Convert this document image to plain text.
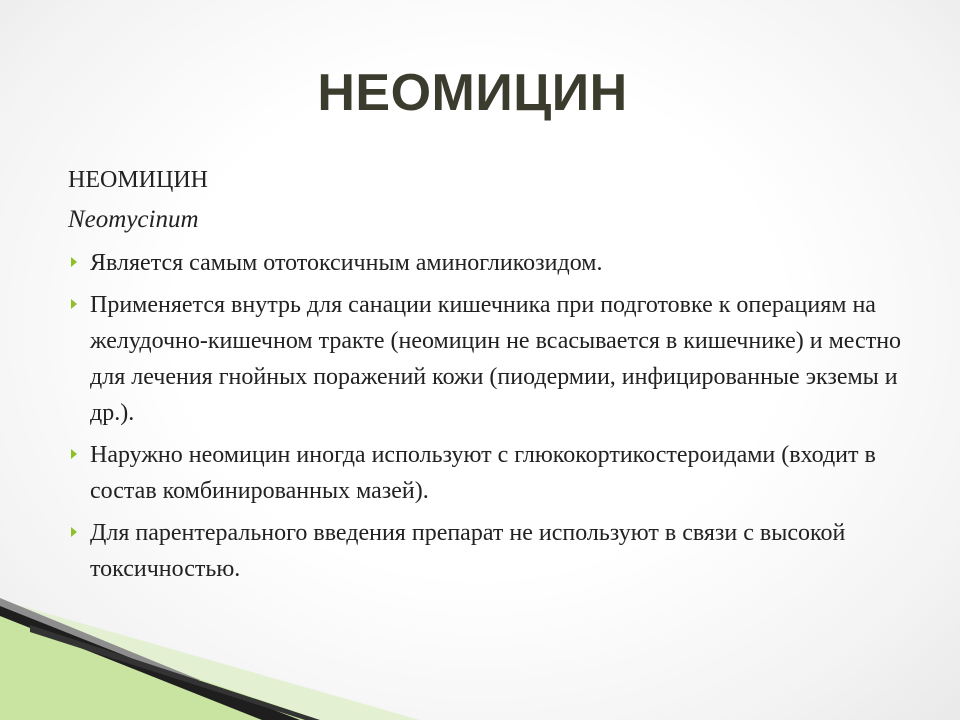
НЕОМИЦИН
НЕОМИЦИН
Neomycinum
Является самым ототоксичным аминогликозидом.
Применяется внутрь для санации кишечника при подготовке к операциям на желудочно-кишечном тракте (неомицин не всасывается в кишечнике) и местно для лечения гнойных поражений кожи (пиодермии, инфицированные экземы и др.).
Наружно неомицин иногда используют с глюкокортикостероидами (входит в состав комбинированных мазей).
Для парентерального введения препарат не используют в связи с высокой токсичностью.
